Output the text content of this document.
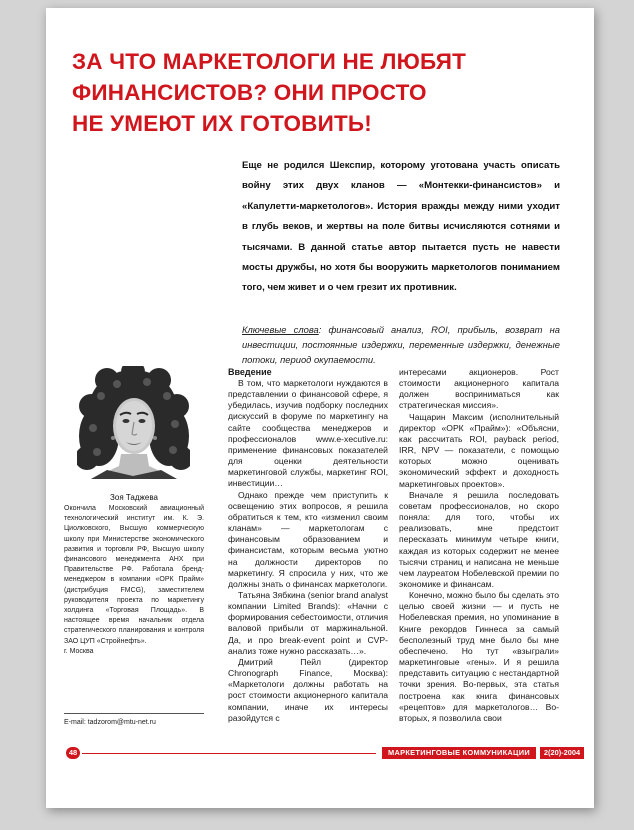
ЗА ЧТО МАРКЕТОЛОГИ НЕ ЛЮБЯТ
ФИНАНСИСТОВ? ОНИ ПРОСТО
НЕ УМЕЮТ ИХ ГОТОВИТЬ!

Еще не родился Шекспир, которому уготована участь описать войну этих двух кланов — «Монтекки-финансистов» и «Капулетти-маркетологов». История вражды между ними уходит в глубь веков, и жертвы на поле битвы исчисляются сотнями и тысячами. В данной статье автор пытается пусть не навести мосты дружбы, но хотя бы вооружить маркетологов пониманием того, чем живет и о чем грезит их противник.

Ключевые слова: финансовый анализ, ROI, прибыль, возврат на инвестиции, постоянные издержки, переменные издержки, денежные потоки, период окупаемости.

Зоя Таджева

Окончила Московский авиационный технологический институт им. К. Э. Циолковского, Высшую коммерческую школу при Министерстве экономического развития и торговли РФ, Высшую школу финансового менеджмента АНХ при Правительстве РФ. Работала бренд-менеджером в компании «ОРК Прайм» (дистрибуция FMCG), заместителем руководителя проекта по маркетингу холдинга «Торговая Площадь». В настоящее время начальник отдела стратегического планирования и контроля ЗАО ЦУП «Стройнефть».
г. Москва

E-mail: tadzorom@mtu-net.ru

Введение

В том, что маркетологи нуждаются в представлении о финансовой сфере, я убедилась, изучив подборку последних дискуссий в форуме по маркетингу на сайте сообщества менеджеров и профессионалов www.e-xecutive.ru: применение финансовых показателей для оценки деятельности маркетинговой службы, маркетинг ROI, инвестиции…

Однако прежде чем приступить к освещению этих вопросов, я решила обратиться к тем, кто «изменил своим кланам» — маркетологам с финансовым образованием и финансистам, которым весьма уютно на должности директоров по маркетингу. Я спросила у них, что же должны знать о финансах маркетологи.

Татьяна Зябкина (senior brand analyst компании Limited Brands): «Начни с формирования себестоимости, отличия валовой прибыли от маржинальной. Да, и про break-event point и CVP-анализ тоже нужно рассказать…».

Дмитрий Пейл (директор Chronograph Finance, Москва): «Маркетологи должны работать на рост стоимости акционерного капитала компании, иначе их интересы разойдутся с

интересами акционеров. Рост стоимости акционерного капитала должен восприниматься как стратегическая миссия».

Чащарин Максим (исполнительный директор «ОРК «Прайм»): «Объясни, как рассчитать ROI, payback period, IRR, NPV — показатели, с помощью которых можно оценивать экономический эффект и доходность маркетинговых проектов».

Вначале я решила последовать советам профессионалов, но скоро поняла: для того, чтобы их реализовать, мне предстоит пересказать минимум четыре книги, каждая из которых содержит не менее тысячи страниц и написана не меньше чем лауреатом Нобелевской премии по экономике и финансам.

Конечно, можно было бы сделать это целью своей жизни — и пусть не Нобелевская премия, но упоминание в Книге рекордов Гиннеса за самый бесполезный труд мне было бы мне обеспечено. Но тут «взыграли» маркетинговые «гены». И я решила представить ситуацию с нестандартной точки зрения. Во-первых, эта статья построена как книга финансовых «рецептов» для маркетологов… Во-вторых, я позволила свои

48	МАРКЕТИНГОВЫЕ КОММУНИКАЦИИ	2(20)-2004
